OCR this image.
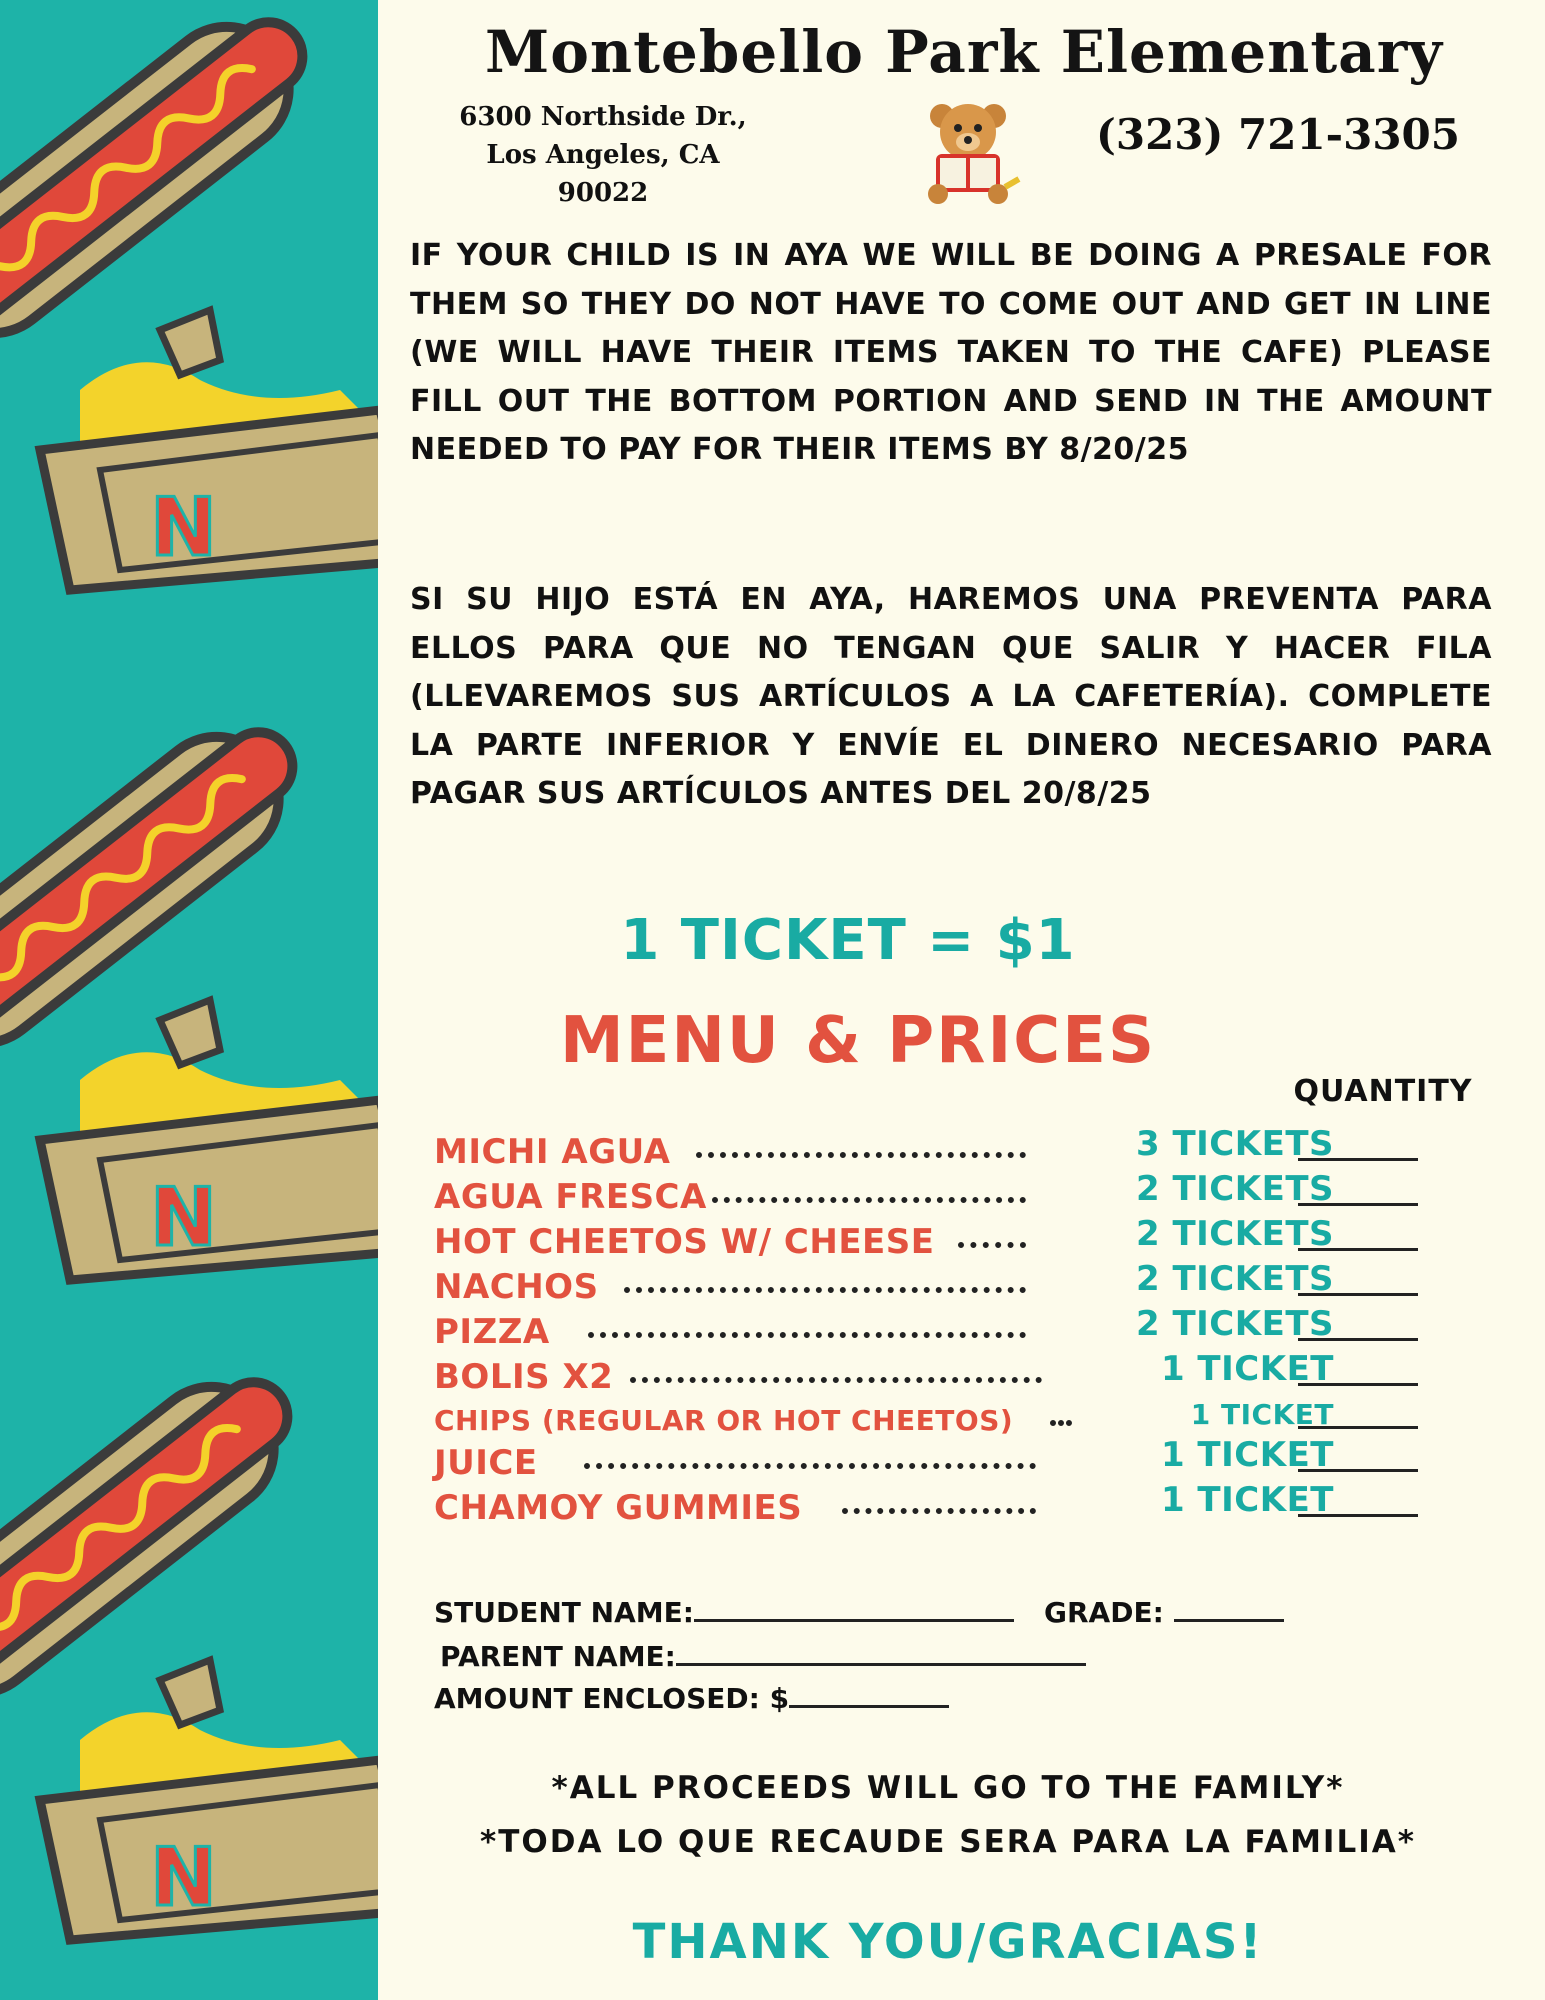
Montebello Park Elementary
6300 Northside Dr.,
Los Angeles, CA 90022
(323) 721-3305

IF YOUR CHILD IS IN AYA WE WILL BE DOING A PRESALE FOR THEM SO THEY DO NOT HAVE TO COME OUT AND GET IN LINE (WE WILL HAVE THEIR ITEMS TAKEN TO THE CAFE) PLEASE FILL OUT THE BOTTOM PORTION AND SEND IN THE AMOUNT NEEDED TO PAY FOR THEIR ITEMS BY 8/20/25

SI SU HIJO ESTÁ EN AYA, HAREMOS UNA PREVENTA PARA ELLOS PARA QUE NO TENGAN QUE SALIR Y HACER FILA (LLEVAREMOS SUS ARTÍCULOS A LA CAFETERÍA). COMPLETE LA PARTE INFERIOR Y ENVÍE EL DINERO NECESARIO PARA PAGAR SUS ARTÍCULOS ANTES DEL 20/8/25

1 TICKET = $1
MENU & PRICES
QUANTITY
MICHI AGUA	3 TICKETS
AGUA FRESCA	2 TICKETS
HOT CHEETOS W/ CHEESE	2 TICKETS
NACHOS	2 TICKETS
PIZZA	2 TICKETS
BOLIS X2	1 TICKET
CHIPS (REGULAR OR HOT CHEETOS)	1 TICKET
JUICE	1 TICKET
CHAMOY GUMMIES	1 TICKET
STUDENT NAME:	GRADE:
PARENT NAME:
AMOUNT ENCLOSED: $
*ALL PROCEEDS WILL GO TO THE FAMILY*
*TODA LO QUE RECAUDE SERA PARA LA FAMILIA*
THANK YOU/GRACIAS!
